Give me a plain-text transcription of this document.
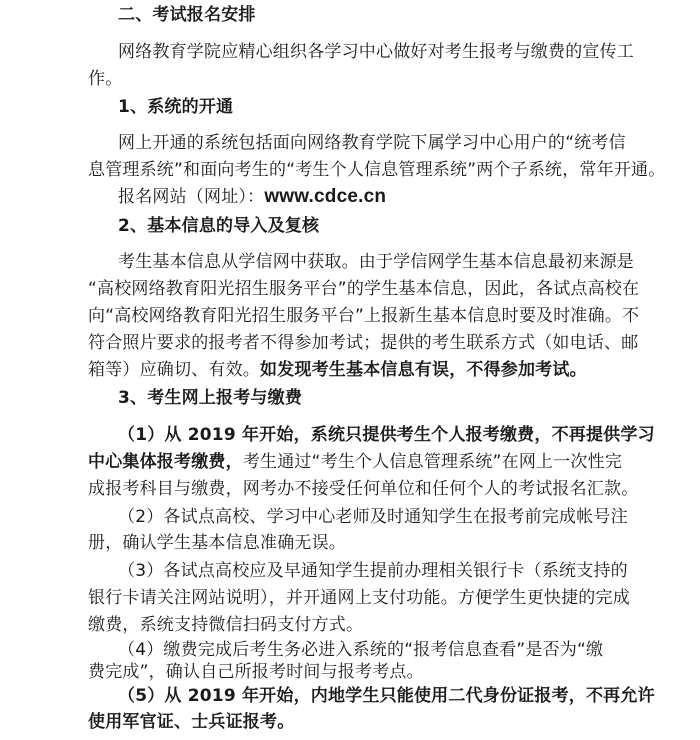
二、考试报名安排
网络教育学院应精心组织各学习中心做好对考生报考与缴费的宣传工
作。
1、系统的开通
网上开通的系统包括面向网络教育学院下属学习中心用户的“统考信
息管理系统”和面向考生的“考生个人信息管理系统”两个子系统，常年开通。
报名网站（网址）：www.cdce.cn
2、基本信息的导入及复核
考生基本信息从学信网中获取。由于学信网学生基本信息最初来源是
“高校网络教育阳光招生服务平台”的学生基本信息，因此，各试点高校在
向“高校网络教育阳光招生服务平台”上报新生基本信息时要及时准确。不
符合照片要求的报考者不得参加考试；提供的考生联系方式（如电话、邮
箱等）应确切、有效。如发现考生基本信息有误，不得参加考试。
3、考生网上报考与缴费
（1）从 2019 年开始，系统只提供考生个人报考缴费，不再提供学习
中心集体报考缴费，考生通过“考生个人信息管理系统”在网上一次性完
成报考科目与缴费，网考办不接受任何单位和任何个人的考试报名汇款。
（2）各试点高校、学习中心老师及时通知学生在报考前完成帐号注
册，确认学生基本信息准确无误。
（3）各试点高校应及早通知学生提前办理相关银行卡（系统支持的
银行卡请关注网站说明），并开通网上支付功能。方便学生更快捷的完成
缴费，系统支持微信扫码支付方式。
（4）缴费完成后考生务必进入系统的“报考信息查看”是否为“缴
费完成”，确认自己所报考时间与报考考点。
（5）从 2019 年开始，内地学生只能使用二代身份证报考，不再允许
使用军官证、士兵证报考。
